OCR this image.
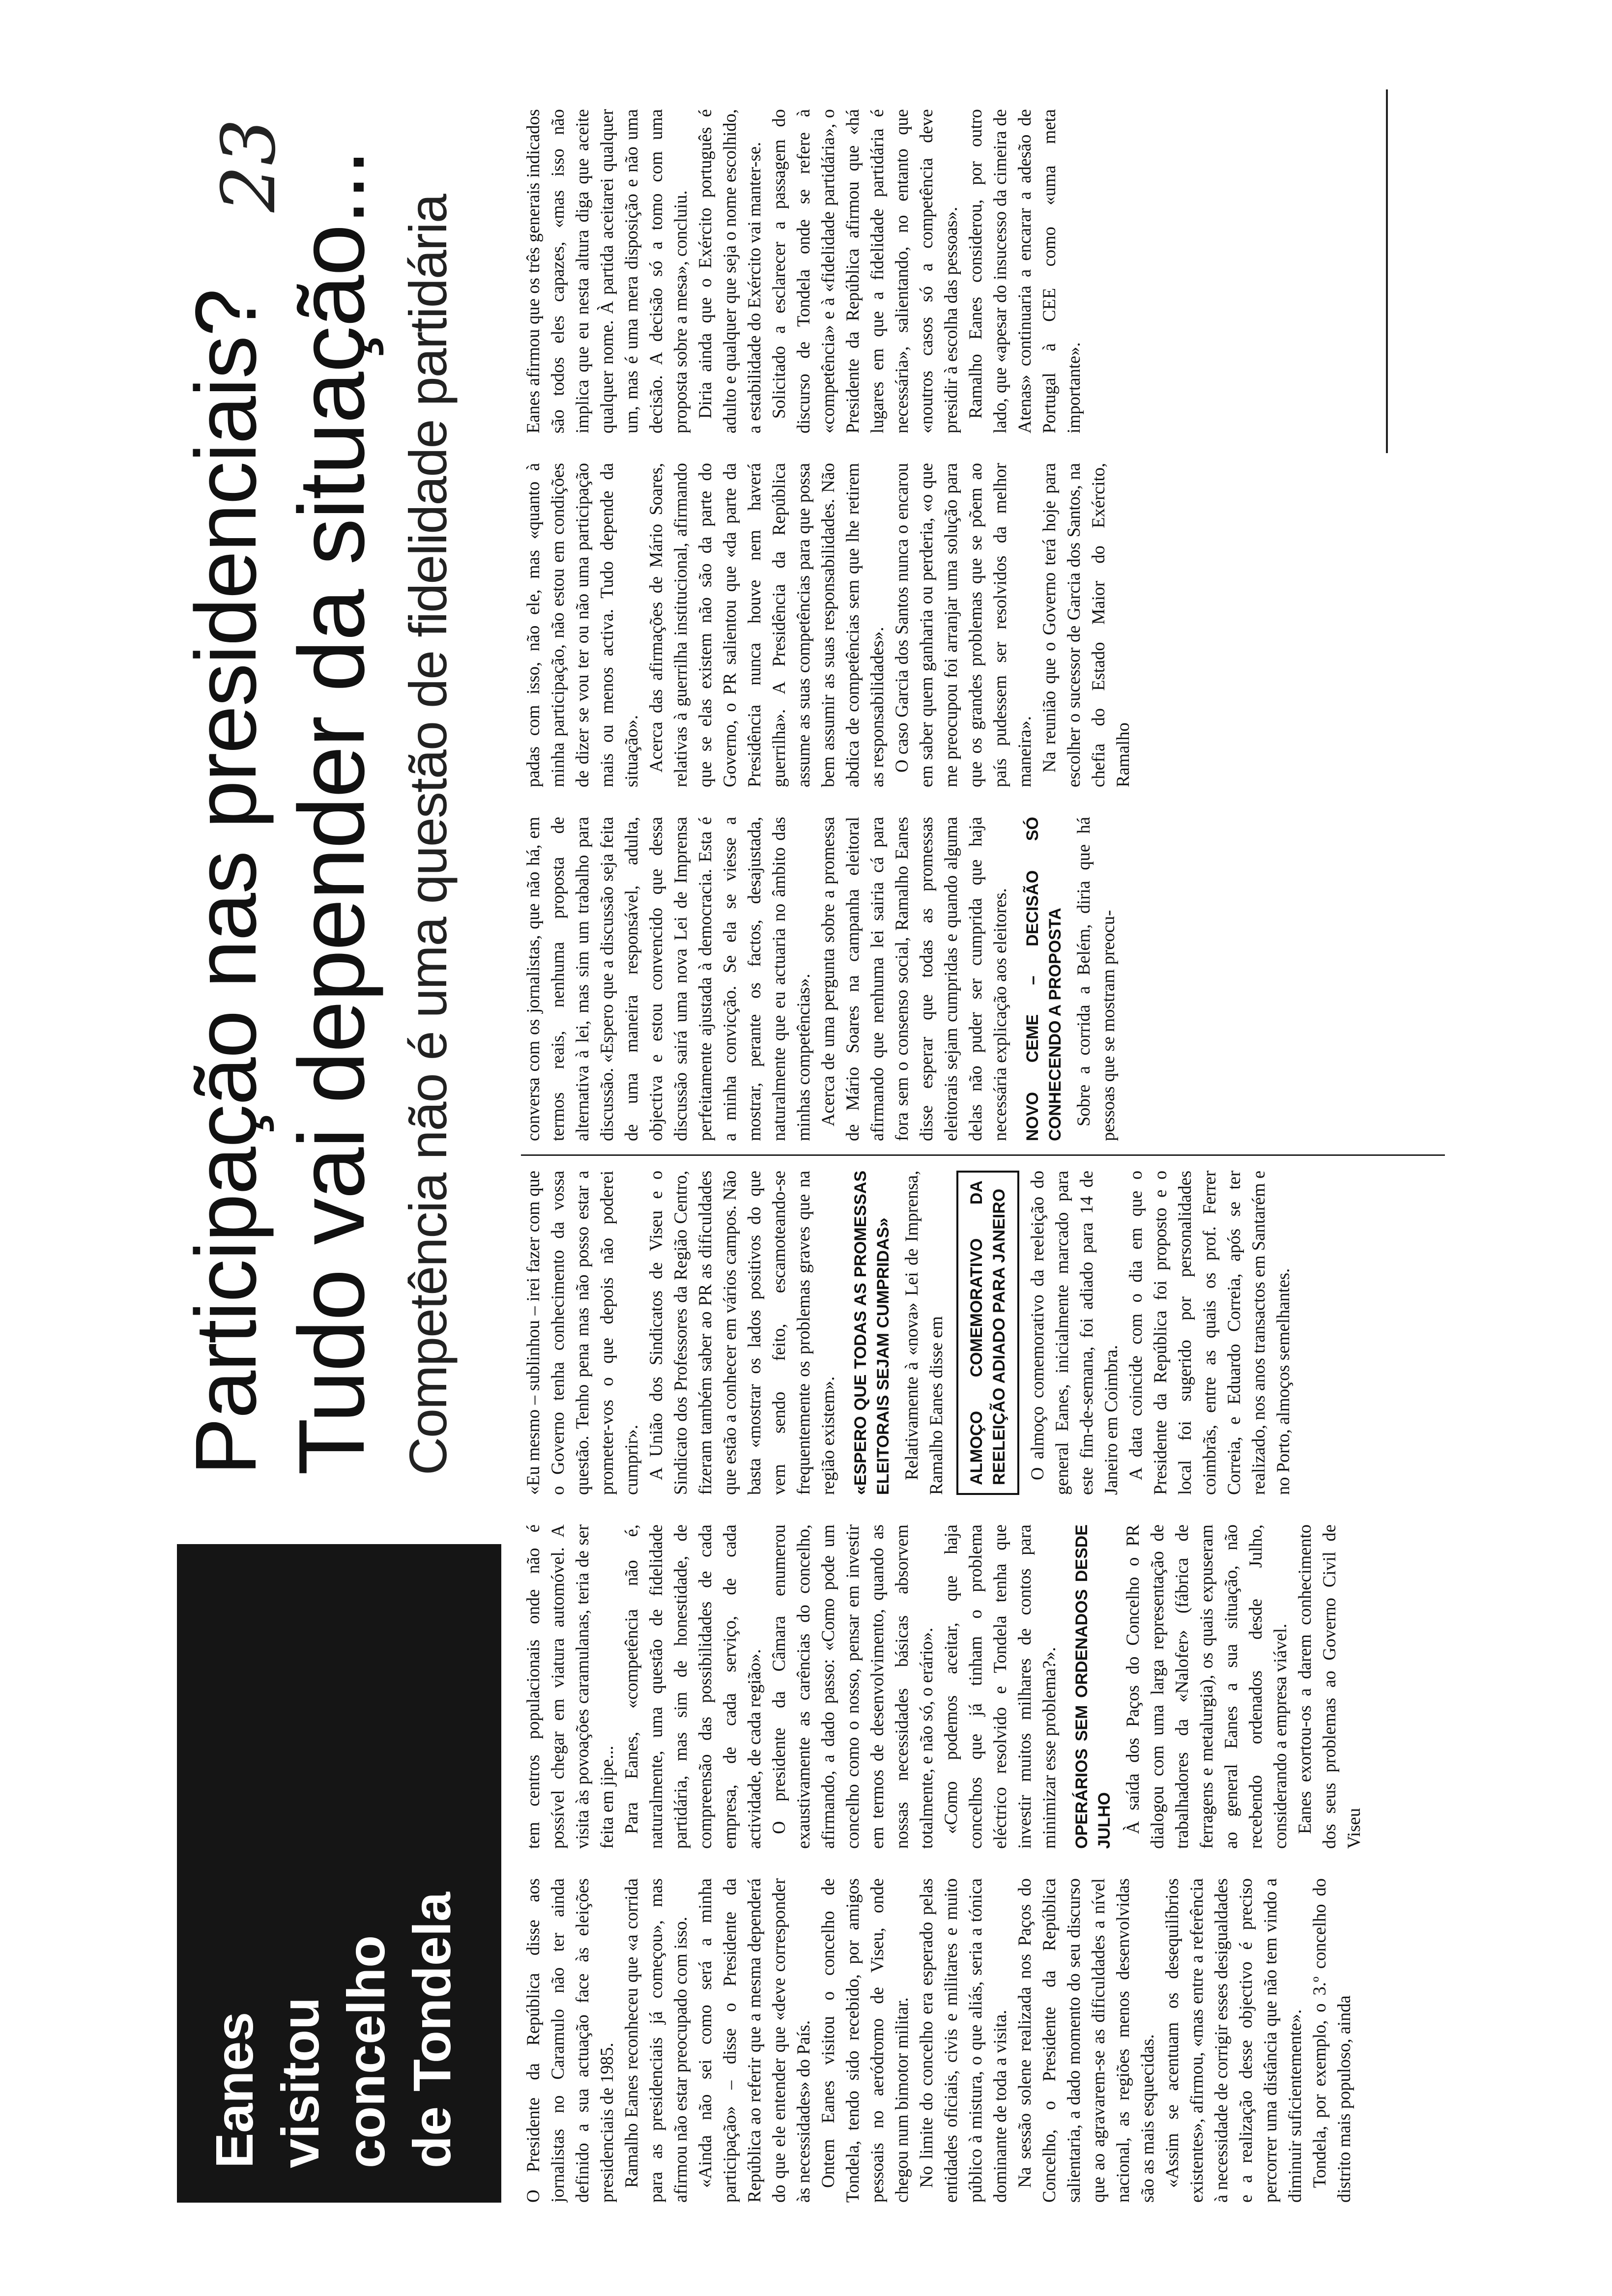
Eanes visitou concelho de Tondela
Participação nas presidenciais? Tudo vai depender da situação... Competência não é uma questão de fidelidade partidária
23

O Presidente da República disse aos jornalistas no Caramulo não ter ainda definido a sua actuação face às eleições presidenciais de 1985. Ramalho Eanes reconheceu que «a corrida para as presidenciais já começou», mas afirmou não estar preocupado com isso. «Ainda não sei como será a minha participação» – disse o Presidente da República ao referir que a mesma dependerá do que ele entender que «deve corresponder às necessidades» do País. Ontem Eanes visitou o concelho de Tondela, tendo sido recebido, por amigos pessoais no aeródromo de Viseu, onde chegou num bimotor militar. No limite do concelho era esperado pelas entidades oficiais, civis e militares e muito público à mistura, o que aliás, seria a tónica dominante de toda a visita. Na sessão solene realizada nos Paços do Concelho, o Presidente da República salientaria, a dado momento do seu discurso que ao agravarem-se as dificuldades a nível nacional, as regiões menos desenvolvidas são as mais esquecidas. «Assim se acentuam os desequilíbrios existentes», afirmou, «mas entre a referência à necessidade de corrigir esses desigualdades e a realização desse objectivo é preciso percorrer uma distância que não tem vindo a diminuir suficientemente». Tondela, por exemplo, o 3.º concelho do distrito mais populoso, ainda

tem centros populacionais onde não é possível chegar em viatura automóvel. A visita às povoações caramulanas, teria de ser feita em jipe... Para Eanes, «competência não é, naturalmente, uma questão de fidelidade partidária, mas sim de honestidade, de compreensão das possibilidades de cada empresa, de cada serviço, de cada actividade, de cada região». O presidente da Câmara enumerou exaustivamente as carências do concelho, afirmando, a dado passo: «Como pode um concelho como o nosso, pensar em investir em termos de desenvolvimento, quando as nossas necessidades básicas absorvem totalmente, e não só, o erário». «Como podemos aceitar, que haja concelhos que já tinham o problema eléctrico resolvido e Tondela tenha que investir muitos milhares de contos para minimizar esse problema?». OPERÁRIOS SEM ORDENADOS DESDE JULHO À saída dos Paços do Concelho o PR dialogou com uma larga representação de trabalhadores da «Nalofer» (fábrica de ferragens e metalurgia), os quais expuseram ao general Eanes a sua situação, não recebendo ordenados desde Julho, considerando a empresa viável. Eanes exortou-os a darem conhecimento dos seus problemas ao Governo Civil de Viseu

«Eu mesmo – sublinhou – irei fazer com que o Governo tenha conhecimento da vossa questão. Tenho pena mas não posso estar a prometer-vos o que depois não poderei cumprir». A União dos Sindicatos de Viseu e o Sindicato dos Professores da Região Centro, fizeram também saber ao PR as dificuldades que estão a conhecer em vários campos. Não basta «mostrar os lados positivos do que vem sendo feito, escamoteando-se frequentemente os problemas graves que na região existem». «ESPERO QUE TODAS AS PROMESSAS ELEITORAIS SEJAM CUMPRIDAS» Relativamente à «nova» Lei de Imprensa, Ramalho Eanes disse em	ALMOÇO COMEMORATIVO DA REELEIÇÃO ADIADO PARA JANEIRO	O almoço comemorativo da reeleição do general Eanes, inicialmente marcado para este fim-de-semana, foi adiado para 14 de Janeiro em Coimbra. A data coincide com o dia em que o Presidente da República foi proposto e o local foi sugerido por personalidades coimbrãs, entre as quais os prof. Ferrer Correia, e Eduardo Correia, após se ter realizado, nos anos transactos em Santarém e no Porto, almoços semelhantes.

conversa com os jornalistas, que não há, em termos reais, nenhuma proposta de alternativa à lei, mas sim um trabalho para discussão. «Espero que a discussão seja feita de uma maneira responsável, adulta, objectiva e estou convencido que dessa discussão sairá uma nova Lei de Imprensa perfeitamente ajustada à democracia. Esta é a minha convicção. Se ela se viesse a mostrar, perante os factos, desajustada, naturalmente que eu actuaria no âmbito das minhas competências». Acerca de uma pergunta sobre a promessa de Mário Soares na campanha eleitoral afirmando que nenhuma lei sairia cá para fora sem o consenso social, Ramalho Eanes disse esperar que todas as promessas eleitorais sejam cumpridas e quando alguma delas não puder ser cumprida que haja necessária explicação aos eleitores. NOVO CEME – DECISÃO SÓ CONHECENDO A PROPOSTA Sobre a corrida a Belém, diria que há pessoas que se mostram preocu-

padas com isso, não ele, mas «quanto à minha participação, não estou em condições de dizer se vou ter ou não uma participação mais ou menos activa. Tudo depende da situação». Acerca das afirmações de Mário Soares, relativas à guerrilha institucional, afirmando que se elas existem não são da parte do Governo, o PR salientou que «da parte da Presidência nunca houve nem haverá guerrilha». A Presidência da República assume as suas competências para que possa bem assumir as suas responsabilidades. Não abdica de competências sem que lhe retirem as responsabilidades». O caso Garcia dos Santos nunca o encarou em saber quem ganharia ou perderia, «o que me preocupou foi arranjar uma solução para que os grandes problemas que se põem ao país pudessem ser resolvidos da melhor maneira». Na reunião que o Governo terá hoje para escolher o sucessor de Garcia dos Santos, na chefia do Estado Maior do Exército, Ramalho

Eanes afirmou que os três generais indicados são todos eles capazes, «mas isso não implica que eu nesta altura diga que aceite qualquer nome. À partida aceitarei qualquer um, mas é uma mera disposição e não uma decisão. A decisão só a tomo com uma proposta sobre a mesa», concluiu. Diria ainda que o Exército português é adulto e qualquer que seja o nome escolhido, a estabilidade do Exército vai manter-se. Solicitado a esclarecer a passagem do discurso de Tondela onde se refere à «competência» e à «fidelidade partidária», o Presidente da República afirmou que «há lugares em que a fidelidade partidária é necessária», salientando, no entanto que «noutros casos só a competência deve presidir à escolha das pessoas». Ramalho Eanes considerou, por outro lado, que «apesar do insucesso da cimeira de Atenas» continuaria a encarar a adesão de Portugal à CEE como «uma meta importante».
